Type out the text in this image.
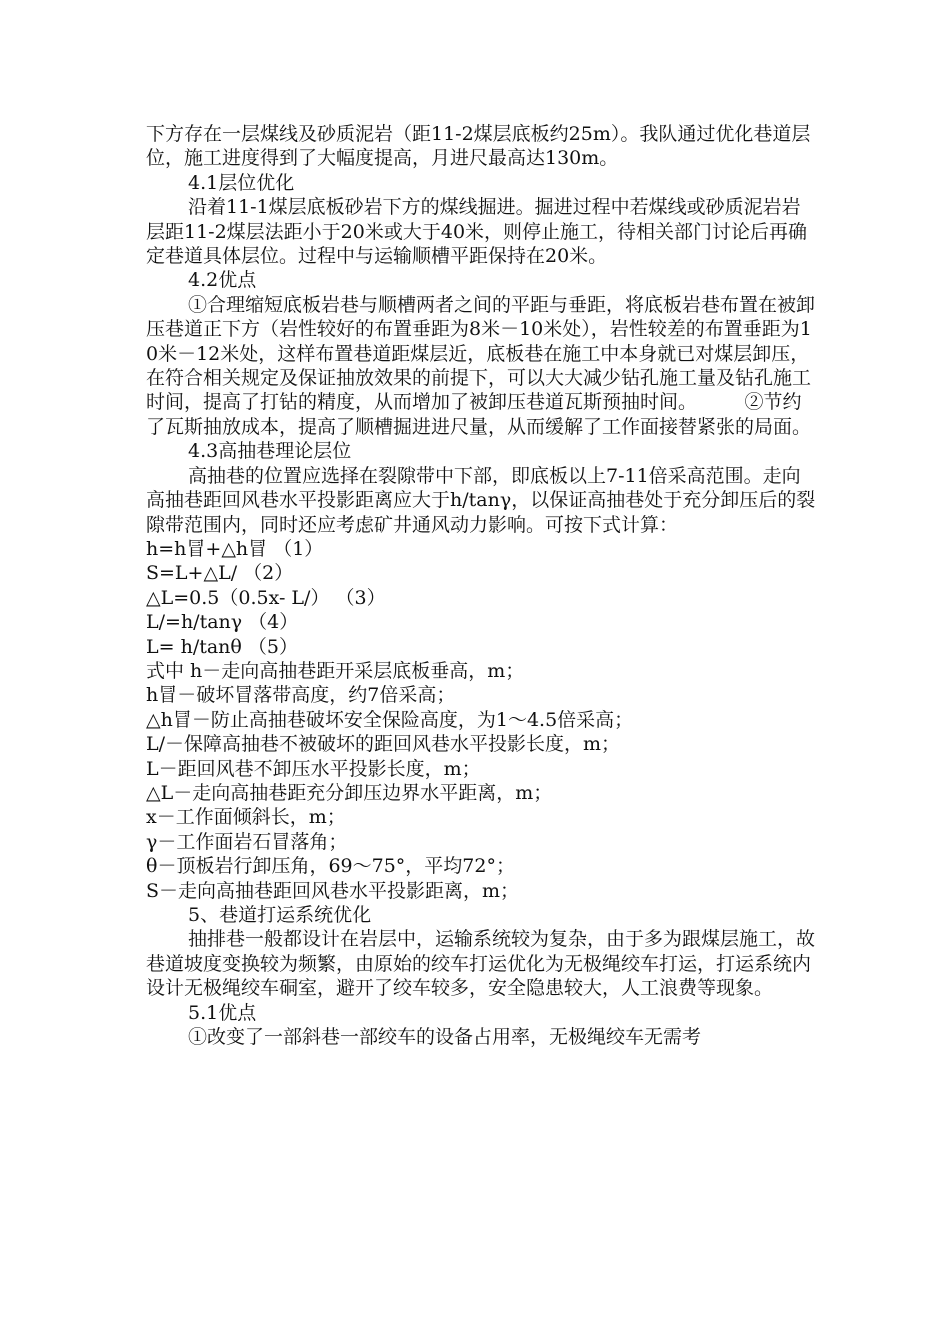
下方存在一层煤线及砂质泥岩（距11-2煤层底板约25m）。我队通过优化巷道层位，施工进度得到了大幅度提高，月进尺最高达130m。

4.1层位优化

沿着11-1煤层底板砂岩下方的煤线掘进。掘进过程中若煤线或砂质泥岩岩层距11-2煤层法距小于20米或大于40米，则停止施工，待相关部门讨论后再确定巷道具体层位。过程中与运输顺槽平距保持在20米。

4.2优点

①合理缩短底板岩巷与顺槽两者之间的平距与垂距，将底板岩巷布置在被卸压巷道正下方（岩性较好的布置垂距为8米－10米处），岩性较差的布置垂距为10米－12米处，这样布置巷道距煤层近，底板巷在施工中本身就已对煤层卸压，在符合相关规定及保证抽放效果的前提下，可以大大减少钻孔施工量及钻孔施工时间，提高了打钻的精度，从而增加了被卸压巷道瓦斯预抽时间。　　　②节约了瓦斯抽放成本，提高了顺槽掘进进尺量，从而缓解了工作面接替紧张的局面。

4.3高抽巷理论层位

高抽巷的位置应选择在裂隙带中下部，即底板以上7-11倍采高范围。走向高抽巷距回风巷水平投影距离应大于h/tanγ，以保证高抽巷处于充分卸压后的裂隙带范围内，同时还应考虑矿井通风动力影响。可按下式计算：

h=h冒+△h冒 （1）

S=L+△L/ （2）

△L=0.5（0.5x- L/） （3）

L/=h/tanγ （4）

L= h/tanθ （5）

式中 h－走向高抽巷距开采层底板垂高，m；

h冒－破坏冒落带高度，约7倍采高；

△h冒－防止高抽巷破坏安全保险高度，为1～4.5倍采高；

L/－保障高抽巷不被破坏的距回风巷水平投影长度，m；

L－距回风巷不卸压水平投影长度，m；

△L－走向高抽巷距充分卸压边界水平距离，m；

x－工作面倾斜长，m；

γ－工作面岩石冒落角；

θ－顶板岩行卸压角，69～75°，平均72°；

S－走向高抽巷距回风巷水平投影距离，m；

5、巷道打运系统优化

抽排巷一般都设计在岩层中，运输系统较为复杂，由于多为跟煤层施工，故巷道坡度变换较为频繁，由原始的绞车打运优化为无极绳绞车打运，打运系统内设计无极绳绞车硐室，避开了绞车较多，安全隐患较大，人工浪费等现象。

5.1优点

①改变了一部斜巷一部绞车的设备占用率，无极绳绞车无需考
